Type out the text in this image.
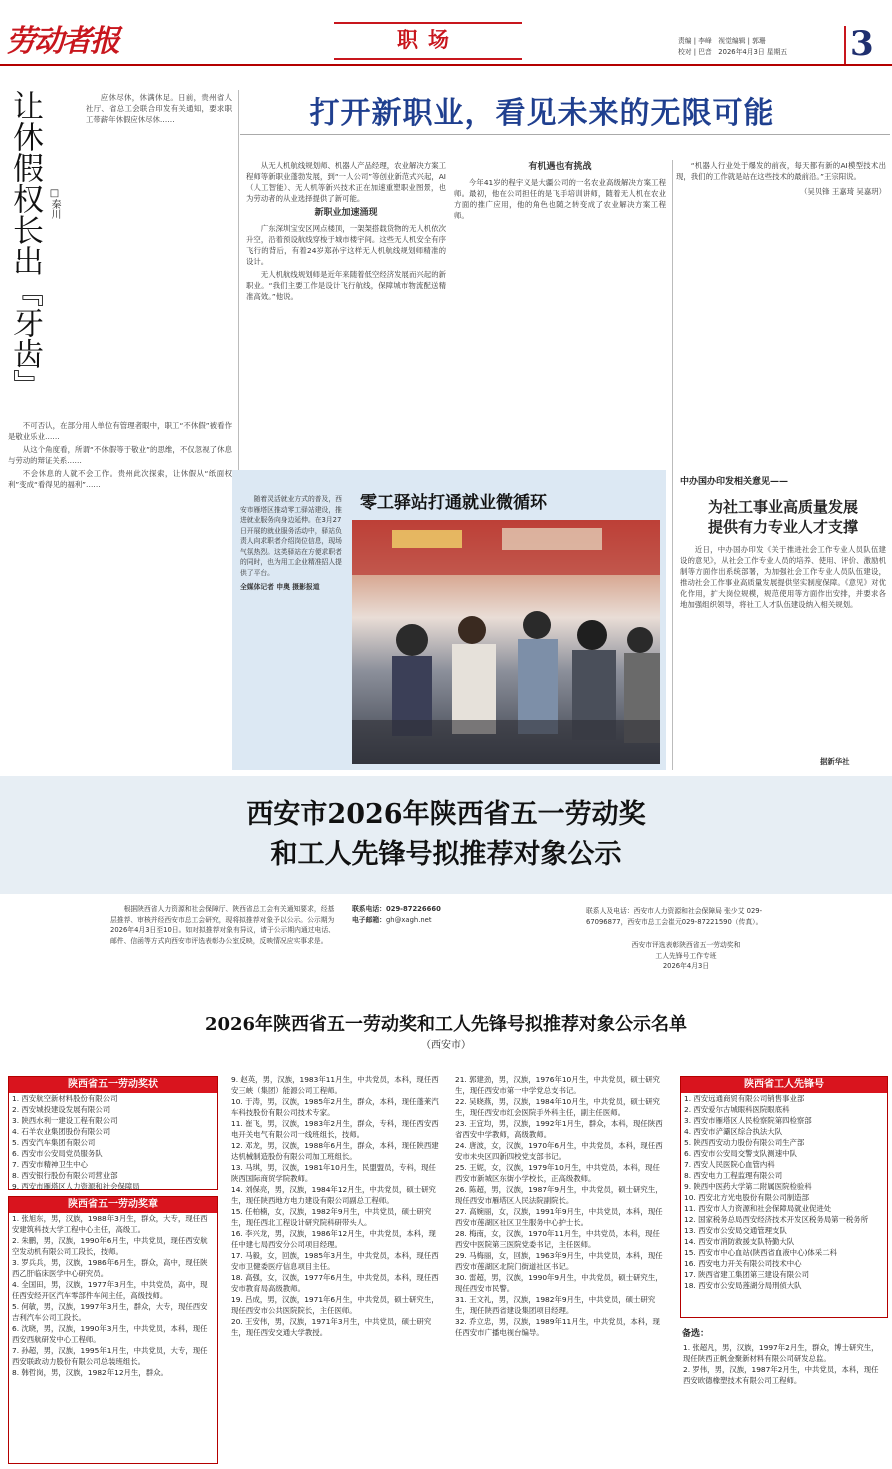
劳动者报	职场	责编 | 李峰 视觉编辑 | 郭珊
校对 | 巴音 2026年4月3日 星期五 3
打开新职业，看见未来的无限可能
让休假权长出『牙齿』 □秦川

应休尽休，休满休足。日前，贵州省人社厅、省总工会联合印发有关通知，要求职工带薪年休假应休尽休……

不可否认，在部分用人单位有管理者眼中，职工“不休假”被看作是敬业乐业……

从这个角度看，所谓“不休假等于敬业”的思维，不仅忽视了休息与劳动的辩证关系……

不会休息的人就不会工作。贵州此次探索，让休假从“纸面权利”变成“看得见的福利”……

从无人机航线规划师、机器人产品经理，农业解决方案工程师等新职业蓬勃发展，到“一人公司”等创业新范式兴起，AI（人工智能）、无人机等新兴技术正在加速重塑职业图景，也为劳动者的从业选择提供了新可能。

新职业加速涌现

广东深圳宝安区网点楼顶，一架架搭载货物的无人机依次升空，沿着预设航线穿梭于城市楼宇间。这些无人机安全有序飞行的背后，有着24岁郑孙宇这样无人机航线规划师精准的设计。

无人机航线规划师是近年来随着低空经济发展而兴起的新职业。“我们主要工作是设计飞行航线，保障城市物流配送精准高效。”他说。

有机遇也有挑战

今年41岁的程宇义是大疆公司的一名农业高级解决方案工程师。最初，他在公司担任的是飞手培训讲师，随着无人机在农业方面的推广应用，他的角色也随之转变成了农业解决方案工程师。

“机器人行业处于爆发的前夜，每天都有新的AI模型技术出现，我们的工作就是站在这些技术的最前沿。”王宗阳说。

（吴贝锋 王嘉琦 吴嘉玥）
零工驿站打通就业微循环

随着灵活就业方式的普及，西安市雁塔区推动零工驿站建设，推进就业服务向身边延伸。在3月27日开展的就业服务活动中，驿站负责人向求职者介绍岗位信息，现场气氛热烈。这类驿站在方便求职者的同时，也为用工企业精准招人提供了平台。

全媒体记者 申奥 摄影报道
中办国办印发相关意见——
为社工事业高质量发展
提供有力专业人才支撑

近日，中办国办印发《关于推进社会工作专业人员队伍建设的意见》，从社会工作专业人员的培养、使用、评价、激励机制等方面作出系统部署，为加强社会工作专业人员队伍建设，推动社会工作事业高质量发展提供坚实制度保障。《意见》对优化作用，扩大岗位规模，规范使用等方面作出安排，并要求各地加强组织领导，将社工人才队伍建设纳入相关规划。

据新华社
西安市2026年陕西省五一劳动奖
和工人先锋号拟推荐对象公示

根据陕西省人力资源和社会保障厅、陕西省总工会有关通知要求，经基层推荐、审核并经西安市总工会研究，现将拟推荐对象予以公示。公示期为2026年4月3日至10日。如对拟推荐对象有异议，请于公示期内通过电话、邮件、信函等方式向西安市评选表彰办公室反映，反映情况应实事求是。

联系电话：029-87226660
电子邮箱：gh@xagh.net
联系人及电话：西安市人力资源和社会保障局 张少艾 029-67096877，西安市总工会崔元029-87221590（传真）。
西安市评选表彰陕西省五一劳动奖和
工人先锋号工作专班
2026年4月3日
2026年陕西省五一劳动奖和工人先锋号拟推荐对象公示名单
（西安市）
陕西省五一劳动奖状
1. 西安航空新材料股份有限公司
2. 西安城投建设发展有限公司
3. 陕西水利一建设工程有限公司
4. 石羊农业集团股份有限公司
5. 西安汽车集团有限公司
6. 西安市公安局党员服务队
7. 西安市精神卫生中心
8. 西安银行股份有限公司营业部
9. 西安市雁塔区人力资源和社会保障局
陕西省五一劳动奖章
1. 张旭东，男，汉族，1988年3月生，群众，大专，现任西安建筑科技大学工程中心主任，高级工。
2. 朱鹏，男，汉族，1990年6月生，中共党员，现任西安航空发动机有限公司工段长，技师。
3. 罗兵兵，男，汉族，1986年6月生，群众，高中，现任陕西乙肝临床医学中心研究员。
4. 全国田，男，汉族，1977年3月生，中共党员，高中，现任西安经开区汽车零部件车间主任，高级技师。
5. 何敏，男，汉族，1997年3月生，群众，大专，现任西安吉利汽车公司工段长。
6. 沈晓，男，汉族，1990年3月生，中共党员，本科，现任西安西航研发中心工程师。
7. 孙超，男，汉族，1995年1月生，中共党员，大专，现任西安联政动力股份有限公司总装班组长。
8. 韩哲岗，男，汉族，1982年12月生，群众。
9. 赵英，男，汉族，1983年11月生，中共党员，本科，现任西安三峡（集团）能源公司工程师。
10. 于涛，男，汉族，1985年2月生，群众，本科，现任蓬莱汽车科技股份有限公司技术专家。
11. 崔飞，男，汉族，1983年2月生，群众，专科，现任西安西电开关电气有限公司一线班组长，技师。
12. 邓龙，男，汉族，1988年6月生，群众，本科，现任陕西建达机械制造股份有限公司加工班组长。
13. 马琪，男，汉族，1981年10月生，民盟盟员，专科，现任陕西国际商贸学院教师。
14. 刘保亮，男，汉族，1984年12月生，中共党员，硕士研究生，现任陕西地方电力建设有限公司副总工程师。
15. 任柏楠，女，汉族，1982年9月生，中共党员，硕士研究生，现任西北工程设计研究院科研带头人。
16. 李兴龙，男，汉族，1986年12月生，中共党员，本科，现任中建七局西安分公司项目经理。
17. 马毅，女，回族，1985年3月生，中共党员，本科，现任西安市卫健委医疗信息项目主任。
18. 高强，女，汉族，1977年6月生，中共党员，本科，现任西安市教育局高级教师。
19. 吕成，男，汉族，1971年6月生，中共党员，硕士研究生，现任西安市公共医院院长，主任医师。
20. 王安伟，男，汉族，1971年3月生，中共党员，硕士研究生，现任西安交通大学教授。
21. 郭建劲，男，汉族，1976年10月生，中共党员，硕士研究生，现任西安市第一中学党总支书记。
22. 吴晓燕，男，汉族，1984年10月生，中共党员，硕士研究生，现任西安市红会医院手外科主任，副主任医师。
23. 王宜均，男，汉族，1992年1月生，群众，本科，现任陕西省西安中学教师，高级教师。
24. 唐波，女，汉族，1970年6月生，中共党员，本科，现任西安市未央区四新四校党支部书记。
25. 王妮，女，汉族，1979年10月生，中共党员，本科，现任西安市新城区东街小学校长，正高级教师。
26. 陈超，男，汉族，1987年9月生，中共党员，硕士研究生，现任西安市雁塔区人民法院副院长。
27. 高婉丽，女，汉族，1991年9月生，中共党员，本科，现任西安市莲湖区社区卫生服务中心护士长。
28. 梅南，女，汉族，1970年11月生，中共党员，本科，现任西安中医院第三医院党委书记，主任医师。
29. 马梅丽，女，回族，1963年9月生，中共党员，本科，现任西安市莲湖区北院门街道社区书记。
30. 雷超，男，汉族，1990年9月生，中共党员，硕士研究生，现任西安市民警。
31. 王文礼，男，汉族，1982年9月生，中共党员，硕士研究生，现任陕西省建设集团项目经理。
32. 乔立忠，男，汉族，1989年11月生，中共党员，本科，现任西安市广播电视台编导。
陕西省工人先锋号
1. 西安远通商贸有限公司销售事业部
2. 西安爱尔古城眼科医院眼底科
3. 西安市雁塔区人民检察院第四检察部
4. 西安市浐灞区综合执法大队
5. 陕西西安动力股份有限公司生产部
6. 西安市公安局交警支队测速中队
7. 西安人民医院心血管内科
8. 西安电力工程监理有限公司
9. 陕西中医药大学第二附属医院检验科
10. 西安北方光电股份有限公司制造部
11. 西安市人力资源和社会保障局就业促进处
12. 国家税务总局西安经济技术开发区税务局第一税务所
13. 西安市公安局交通管理支队
14. 西安市消防救援支队特勤大队
15. 西安市中心血站(陕西省血液中心)体采二科
16. 西安电力开关有限公司技术中心
17. 陕西省建工集团第三建设有限公司
18. 西安市公安局莲湖分局刑侦大队
备选：
1. 张超凡，男，汉族，1997年2月生，群众，博士研究生，现任陕西正帆金聚新材料有限公司研发总监。
2. 罗伟，男，汉族，1987年2月生，中共党员，本科，现任西安欧德橡塑技术有限公司工程师。
